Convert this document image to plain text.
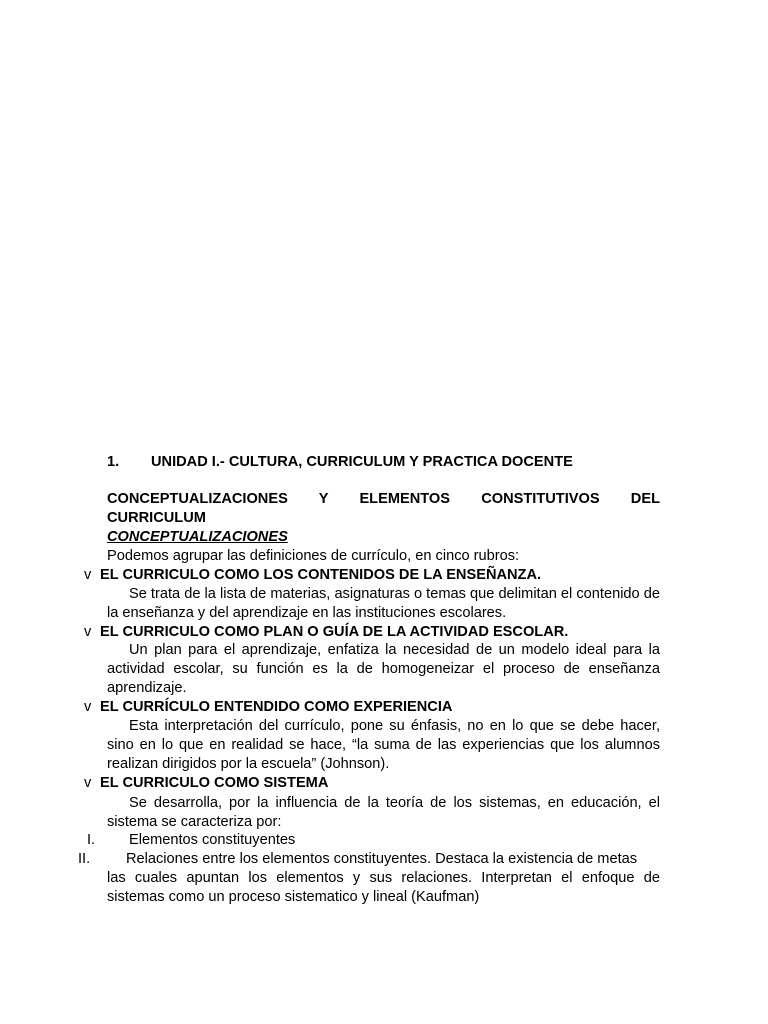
1. UNIDAD I.- CULTURA, CURRICULUM Y PRACTICA DOCENTE
CONCEPTUALIZACIONES Y ELEMENTOS CONSTITUTIVOS DEL
CURRICULUM
CONCEPTUALIZACIONES
Podemos agrupar las definiciones de currículo, en cinco rubros:
v EL CURRICULO COMO LOS CONTENIDOS DE LA ENSEÑANZA.

Se trata de la lista de materias, asignaturas o temas que delimitan el contenido de la enseñanza y del aprendizaje en las instituciones escolares.

v EL CURRICULO COMO PLAN O GUÍA DE LA ACTIVIDAD ESCOLAR.

Un plan para el aprendizaje, enfatiza la necesidad de un modelo ideal para la actividad escolar, su función es la de homogeneizar el proceso de enseñanza aprendizaje.

v EL CURRÍCULO ENTENDIDO COMO EXPERIENCIA

Esta interpretación del currículo, pone su énfasis, no en lo que se debe hacer, sino en lo que en realidad se hace, “la suma de las experiencias que los alumnos realizan dirigidos por la escuela” (Johnson).

v EL CURRICULO COMO SISTEMA

Se desarrolla, por la influencia de la teoría de los sistemas, en educación, el sistema se caracteriza por:

I. Elementos constituyentes
II. Relaciones entre los elementos constituyentes. Destaca la existencia de metas
las cuales apuntan los elementos y sus relaciones. Interpretan el enfoque de sistemas como un proceso sistematico y lineal (Kaufman)
